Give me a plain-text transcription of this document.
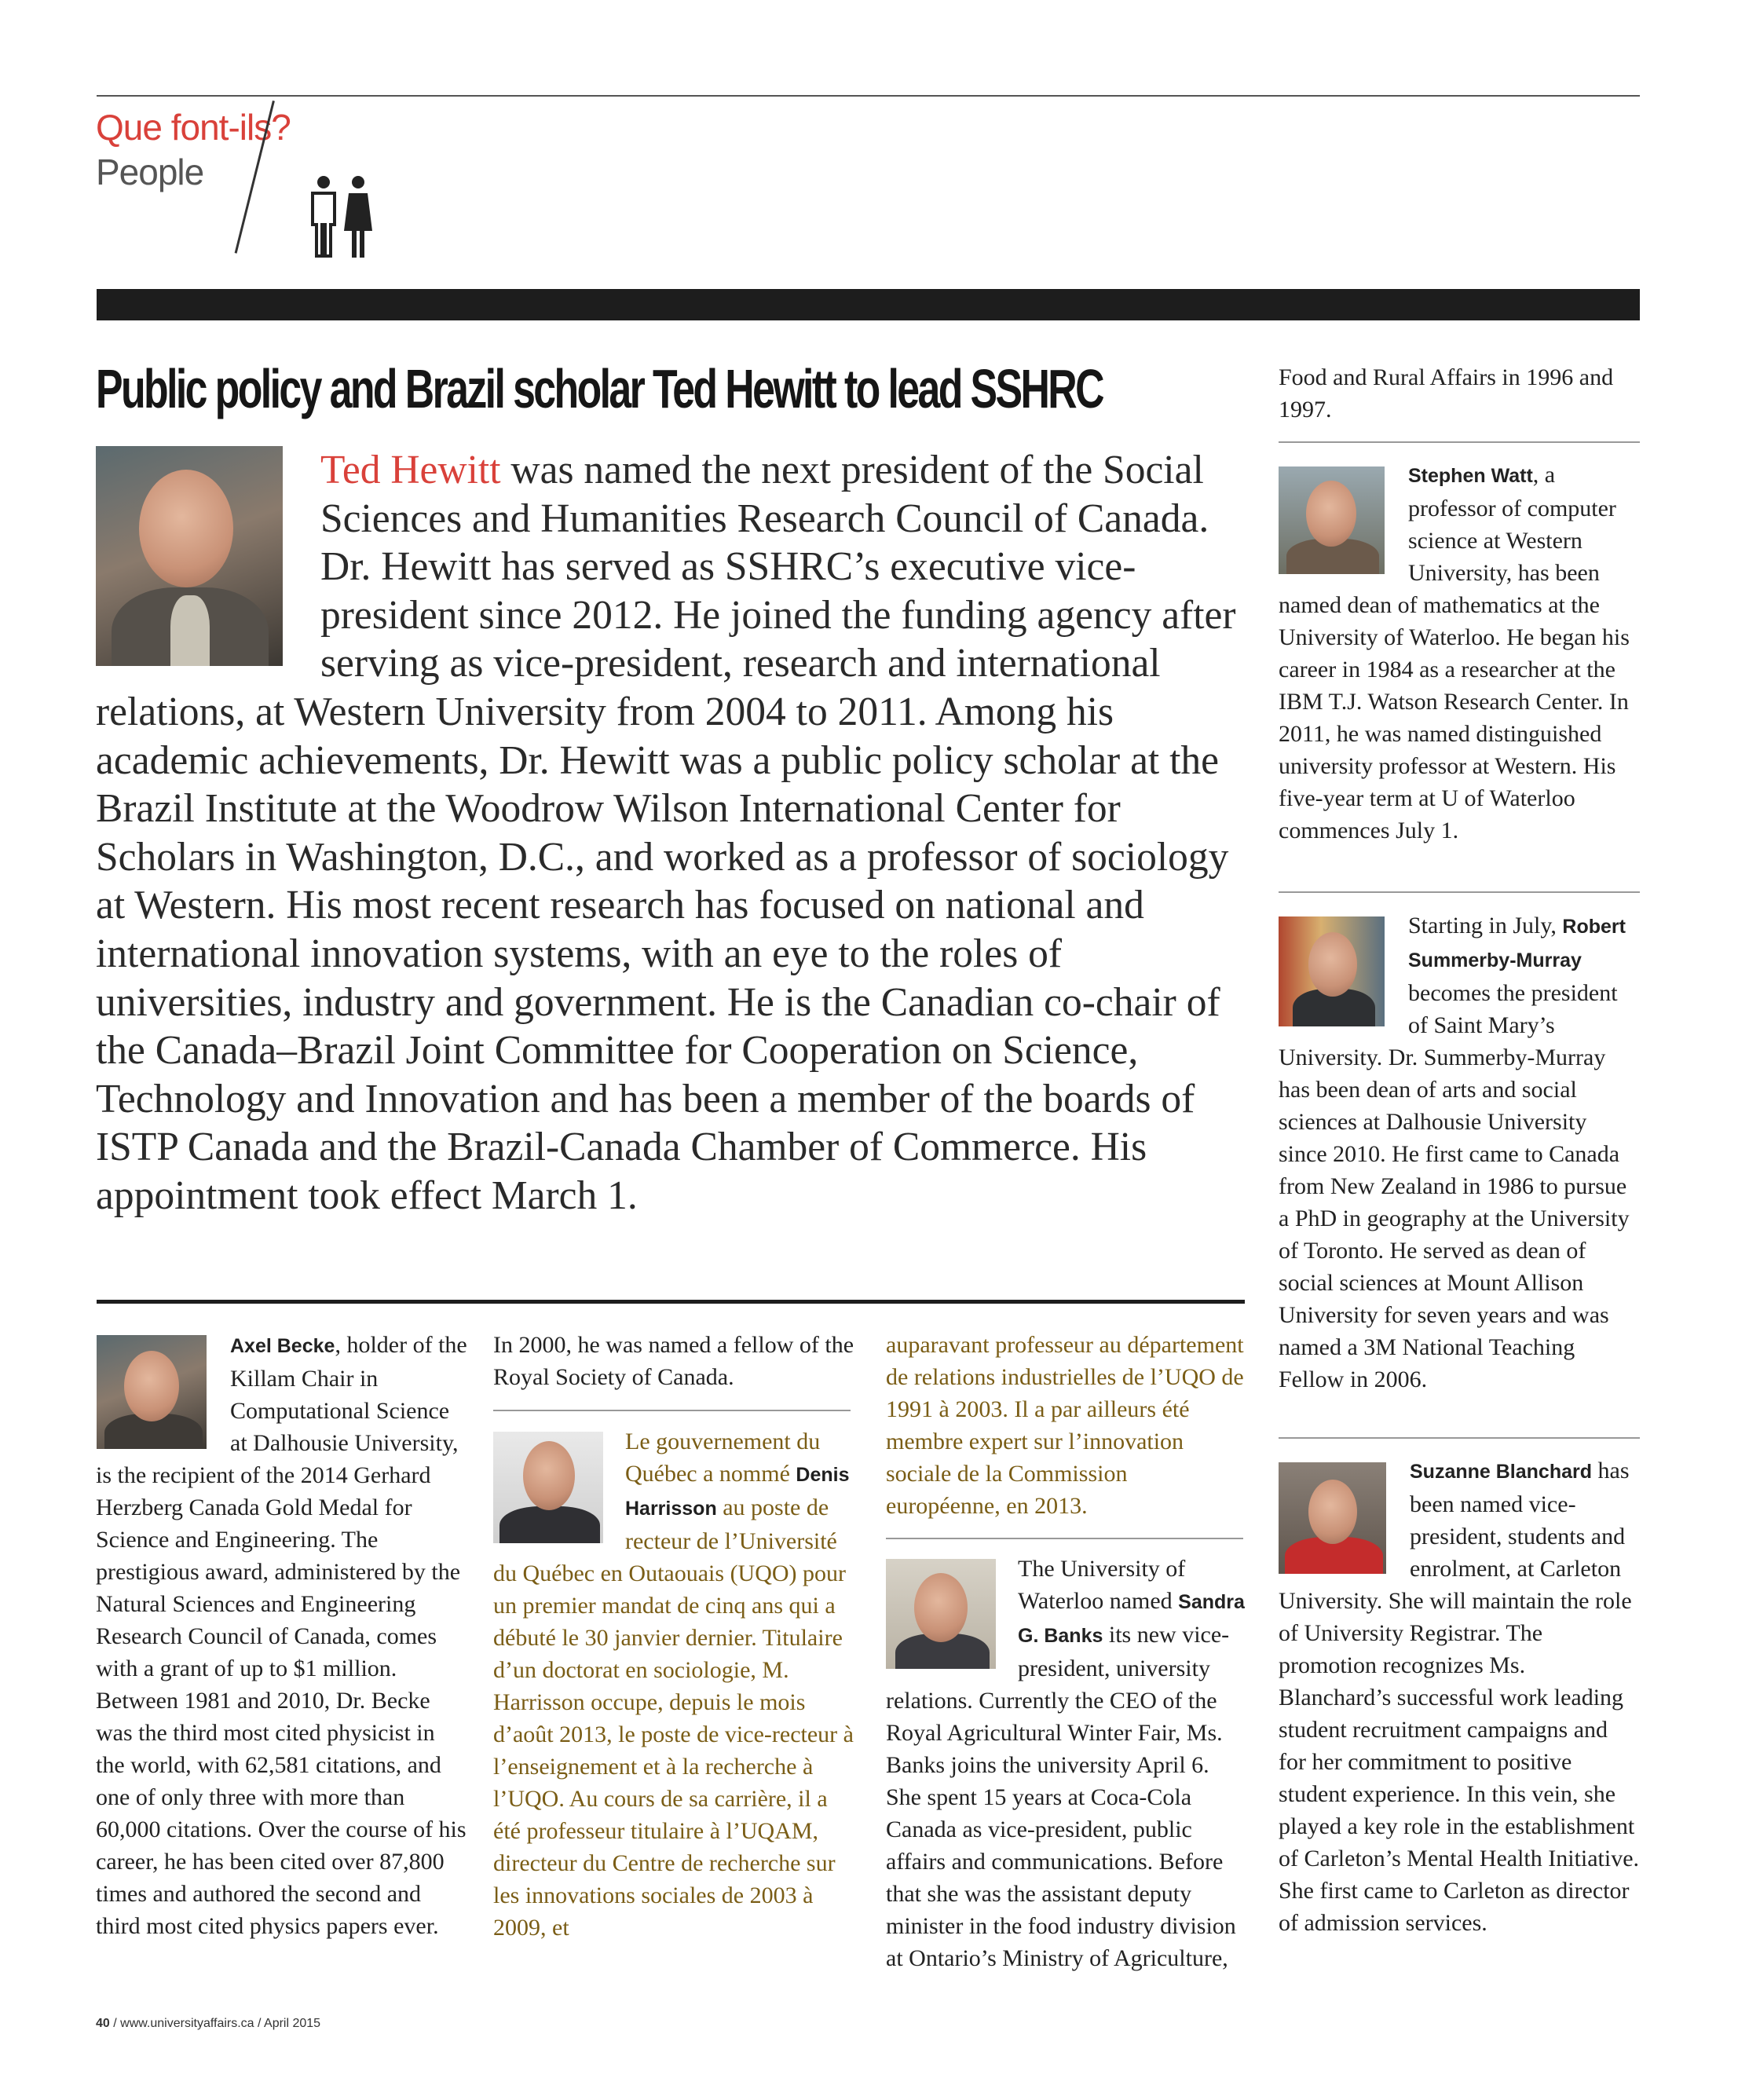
Que font-ils?
People
Public policy and Brazil scholar Ted Hewitt to lead SSHRC
Ted Hewitt was named the next president of the Social Sciences and Humanities Research Council of Canada. Dr. Hewitt has served as SSHRC’s executive vice-president since 2012. He joined the funding agency after serving as vice-president, research and international relations, at Western University from 2004 to 2011. Among his academic achievements, Dr. Hewitt was a public policy scholar at the Brazil Institute at the Woodrow Wilson International Center for Scholars in Washington, D.C., and worked as a professor of sociology at Western. His most recent research has focused on national and international innovation systems, with an eye to the roles of universities, industry and government. He is the Canadian co-chair of the Canada–Brazil Joint Committee for Cooperation on Science, Technology and Innovation and has been a member of the boards of ISTP Canada and the Brazil-Canada Chamber of Commerce. His appointment took effect March 1.
Axel Becke, holder of the Killam Chair in Computational Science at Dalhousie University, is the recipient of the 2014 Gerhard Herzberg Canada Gold Medal for Science and Engineering. The prestigious award, administered by the Natural Sciences and Engineering Research Council of Canada, comes with a grant of up to $1 million. Between 1981 and 2010, Dr. Becke was the third most cited physicist in the world, with 62,581 citations, and one of only three with more than 60,000 citations. Over the course of his career, he has been cited over 87,800 times and authored the second and third most cited physics papers ever.
In 2000, he was named a fellow of the Royal Society of Canada.
Le gouvernement du Québec a nommé Denis Harrisson au poste de recteur de l’Université du Québec en Outaouais (UQO) pour un premier mandat de cinq ans qui a débuté le 30 janvier dernier. Titulaire d’un doctorat en sociologie, M. Harrisson occupe, depuis le mois d’août 2013, le poste de vice-recteur à l’enseignement et à la recherche à l’UQO. Au cours de sa carrière, il a été professeur titulaire à l’UQAM, directeur du Centre de recherche sur les innovations sociales de 2003 à 2009, et
auparavant professeur au département de relations industrielles de l’UQO de 1991 à 2003. Il a par ailleurs été membre expert sur l’innovation sociale de la Commission européenne, en 2013.
The University of Waterloo named Sandra G. Banks its new vice-president, university relations. Currently the CEO of the Royal Agricultural Winter Fair, Ms. Banks joins the university April 6. She spent 15 years at Coca-Cola Canada as vice-president, public affairs and communications. Before that she was the assistant deputy minister in the food industry division at Ontario’s Ministry of Agriculture,
Food and Rural Affairs in 1996 and 1997.
Stephen Watt, a professor of computer science at Western University, has been named dean of mathematics at the University of Waterloo. He began his career in 1984 as a researcher at the IBM T.J. Watson Research Center. In 2011, he was named distinguished university professor at Western. His five-year term at U of Waterloo commences July 1.
Starting in July, Robert Summerby-Murray becomes the president of Saint Mary’s University. Dr. Summerby-Murray has been dean of arts and social sciences at Dalhousie University since 2010. He first came to Canada from New Zealand in 1986 to pursue a PhD in geography at the University of Toronto. He served as dean of social sciences at Mount Allison University for seven years and was named a 3M National Teaching Fellow in 2006.
Suzanne Blanchard has been named vice-president, students and enrolment, at Carleton University. She will maintain the role of University Registrar. The promotion recognizes Ms. Blanchard’s successful work leading student recruitment campaigns and for her commitment to positive student experience. In this vein, she played a key role in the establishment of Carleton’s Mental Health Initiative. She first came to Carleton as director of admission services.
40 / www.universityaffairs.ca / April 2015
